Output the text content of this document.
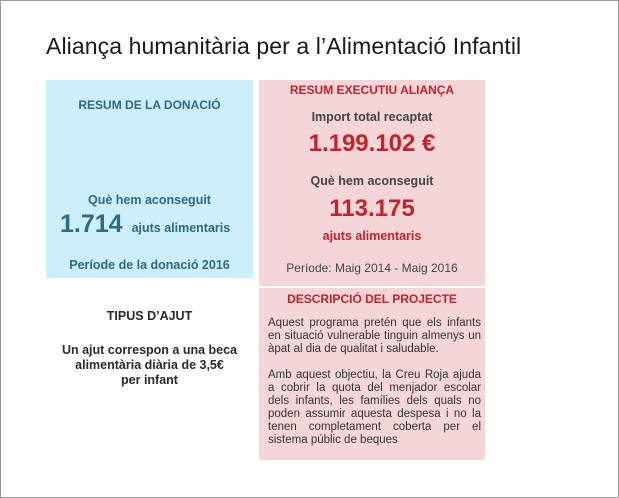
Aliança humanitària per a l’Alimentació Infantil
RESUM DE LA DONACIÓ
Què hem aconseguit
1.714 ajuts alimentaris
Període de la donació 2016
TIPUS D’AJUT
Un ajut correspon a una beca
alimentària diària de 3,5€
per infant
RESUM EXECUTIU ALIANÇA
Import total recaptat
1.199.102 €
Què hem aconseguit
113.175
ajuts alimentaris
Període: Maig 2014 - Maig 2016
DESCRIPCIÓ DEL PROJECTE

Aquest programa pretén que els infants en situació vulnerable tinguin almenys un àpat al dia de qualitat i saludable.

Amb aquest objectiu, la Creu Roja ajuda a cobrir la quota del menjador escolar dels infants, les famílies dels quals no poden assumir aquesta despesa i no la tenen completament coberta per el sistema públic de beques
